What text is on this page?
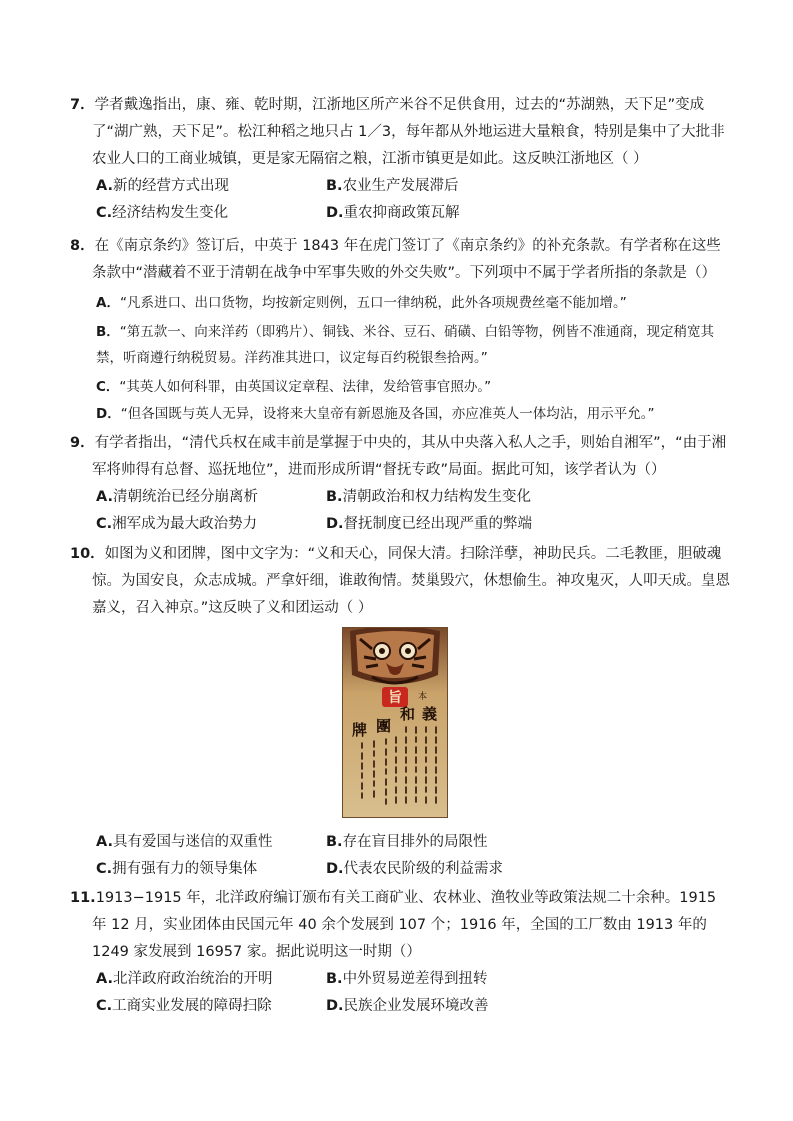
7．学者戴逸指出，康、雍、乾时期，江浙地区所产米谷不足供食用，过去的“苏湖熟，天下足”变成了“湖广熟，天下足”。松江种稻之地只占 1／3，每年都从外地运进大量粮食，特别是集中了大批非农业人口的工商业城镇，更是家无隔宿之粮，江浙市镇更是如此。这反映江浙地区（ ）

A.新的经营方式出现	B.农业生产发展滞后
C.经济结构发生变化	D.重农抑商政策瓦解

8．在《南京条约》签订后，中英于 1843 年在虎门签订了《南京条约》的补充条款。有学者称在这些条款中“潜藏着不亚于清朝在战争中军事失败的外交失败”。下列项中不属于学者所指的条款是（）

A．“凡系进口、出口货物，均按新定则例，五口一律纳税，此外各项规费丝毫不能加增。”
B．“第五款一、向来洋药（即鸦片）、铜钱、米谷、豆石、硝磺、白铅等物，例皆不准通商，现定稍宽其禁，听商遵行纳税贸易。洋药准其进口，议定每百约税银叁拾两。”
C．“其英人如何科罪，由英国议定章程、法律，发给管事官照办。”
D．“但各国既与英人无异，设将来大皇帝有新恩施及各国，亦应准英人一体均沾，用示平允。”

9．有学者指出，“清代兵权在咸丰前是掌握于中央的，其从中央落入私人之手，则始自湘军”，“由于湘军将帅得有总督、巡抚地位”，进而形成所谓“督抚专政”局面。据此可知，该学者认为（）

A.清朝统治已经分崩离析	B.清朝政治和权力结构发生变化
C.湘军成为最大政治势力	D.督抚制度已经出现严重的弊端

10．如图为义和团牌，图中文字为：“义和天心，同保大清。扫除洋孽，神助民兵。二毛教匪，胆破魂惊。为国安良，众志成城。严拿奸细，谁敢徇情。焚巢毁穴，休想偷生。神攻鬼灭，人叩天成。皇恩嘉义，召入神京。”这反映了义和团运动（ ）

旨 本
義
和
團
牌
A.具有爱国与迷信的双重性	B.存在盲目排外的局限性
C.拥有强有力的领导集体	D.代表农民阶级的利益需求

11.1913−1915 年，北洋政府编订颁布有关工商矿业、农林业、渔牧业等政策法规二十余种。1915 年 12 月，实业团体由民国元年 40 余个发展到 107 个；1916 年，全国的工厂数由 1913 年的 1249 家发展到 16957 家。据此说明这一时期（）

A.北洋政府政治统治的开明	B.中外贸易逆差得到扭转
C.工商实业发展的障碍扫除	D.民族企业发展环境改善
